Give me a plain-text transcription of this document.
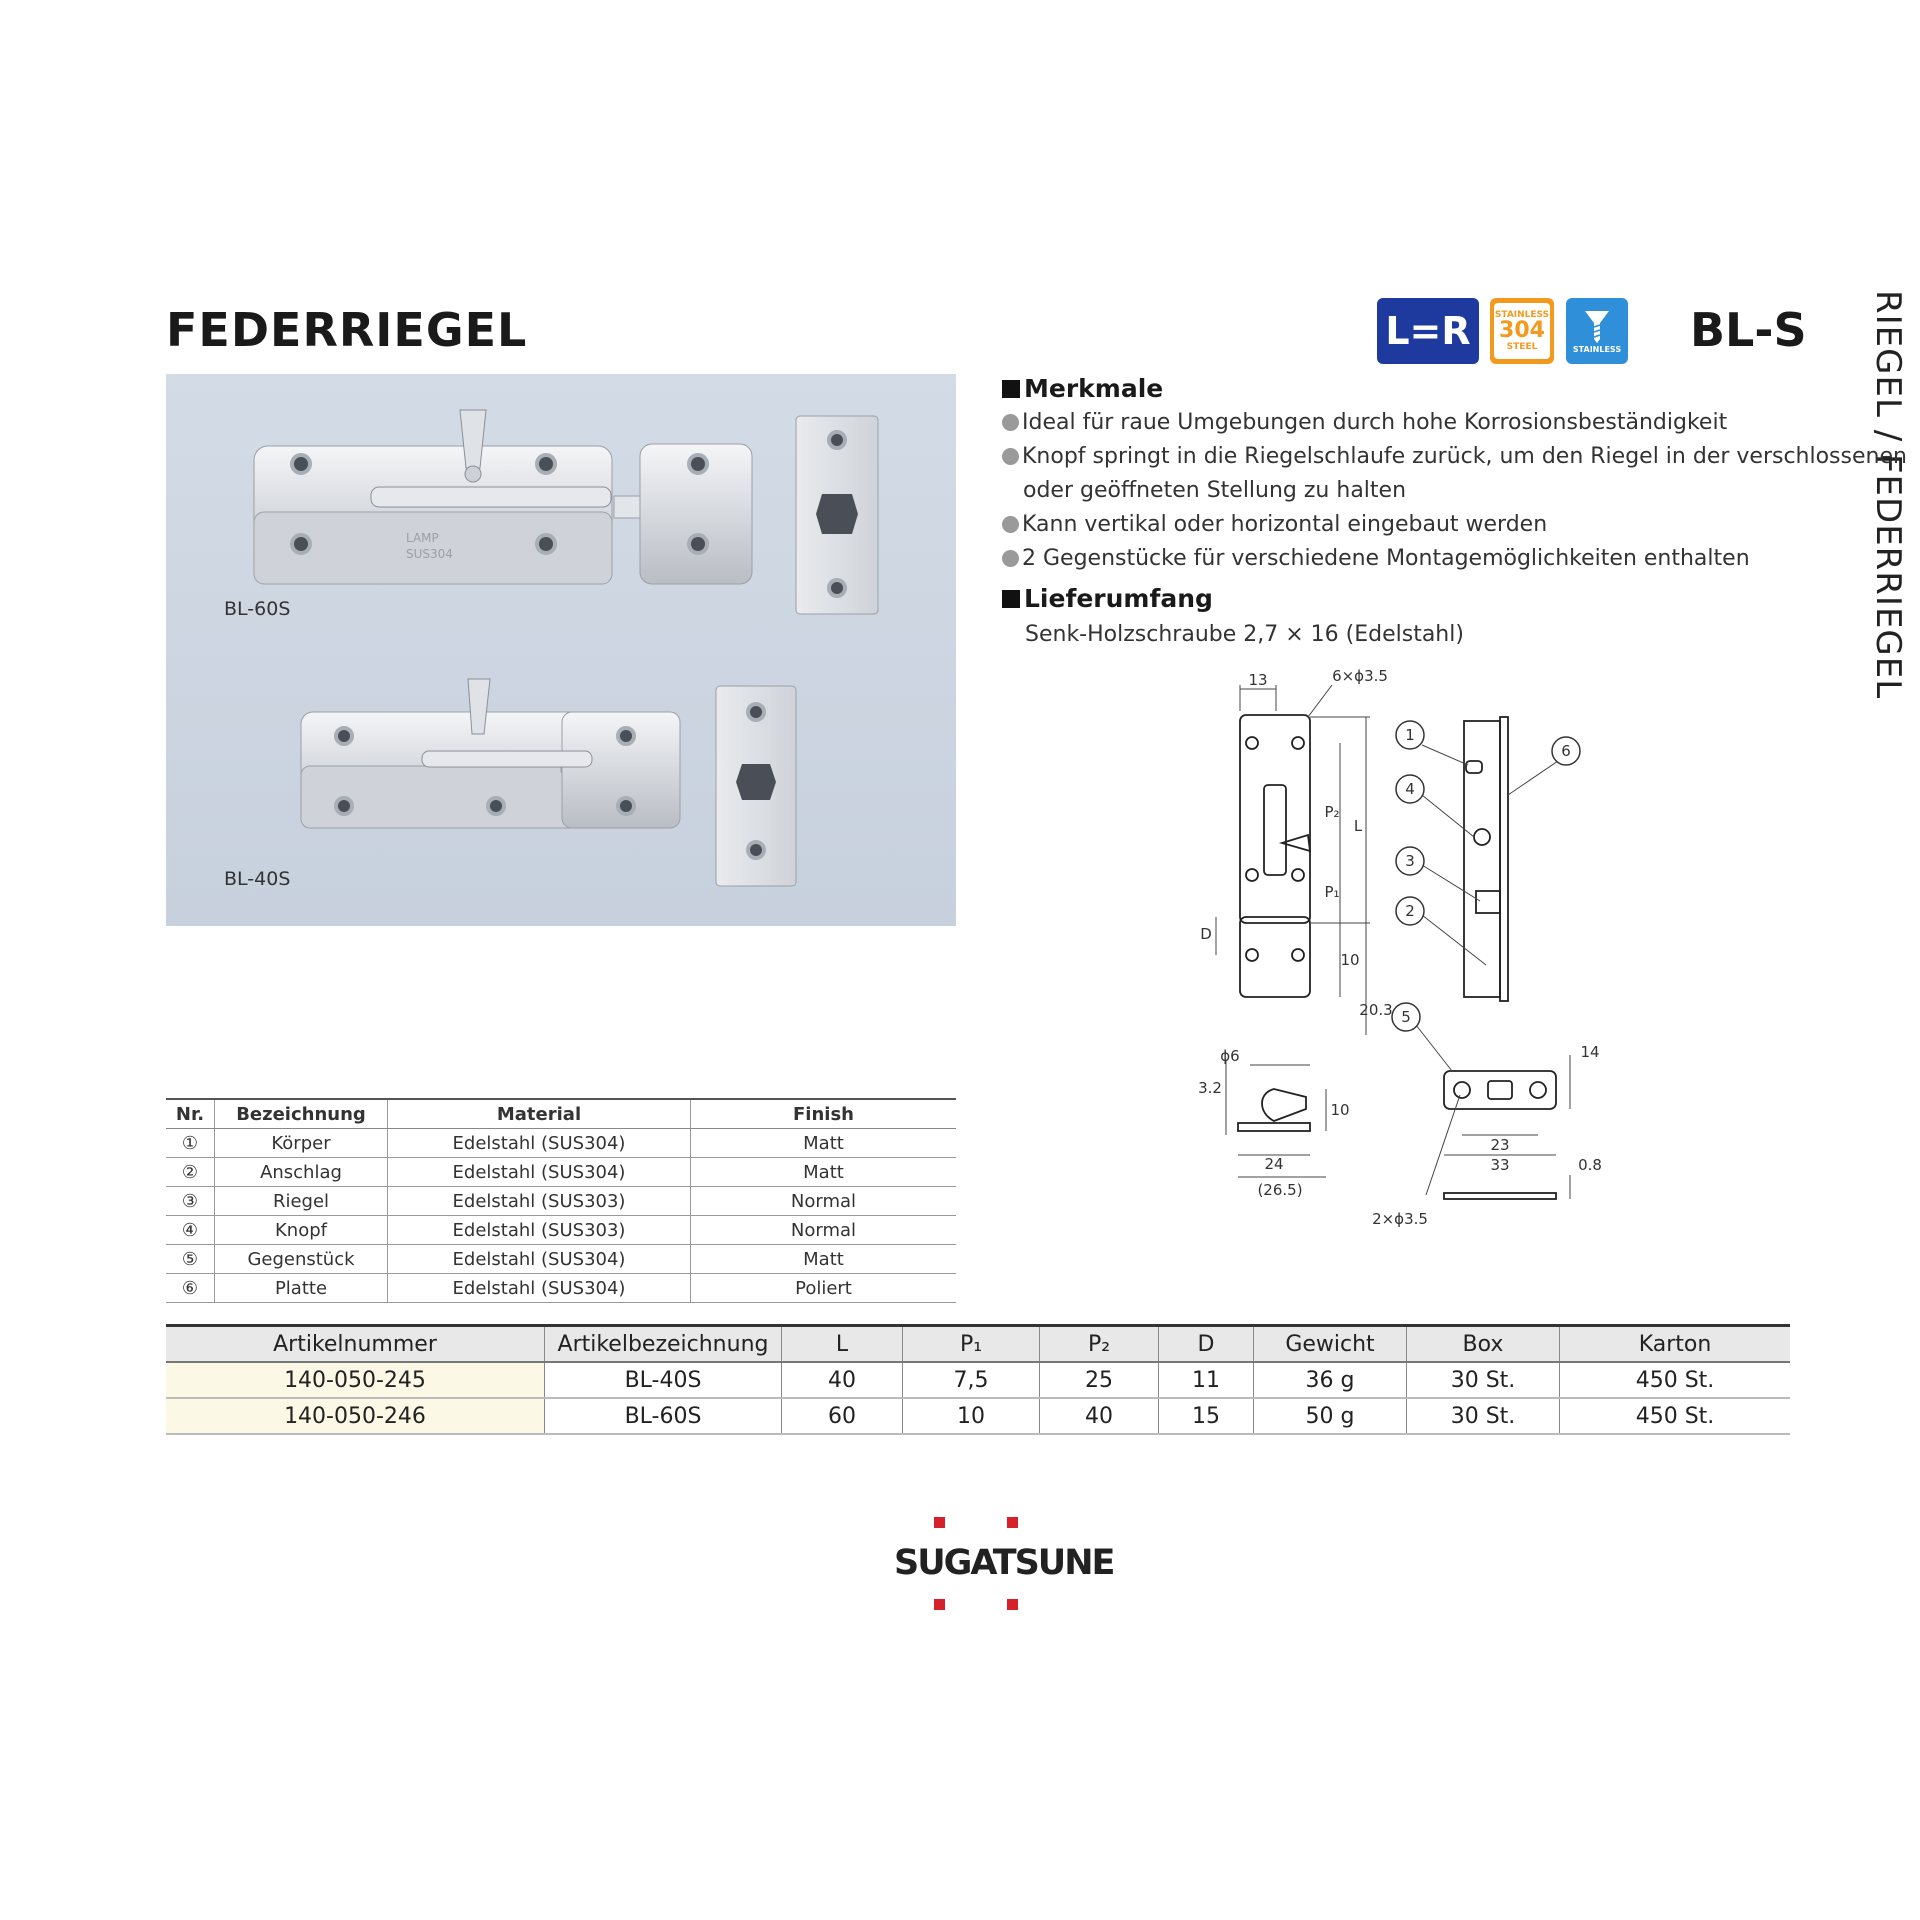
FEDERRIEGEL	BL-S RIEGEL / FEDERRIEGEL
L=R	STAINLESS
304
STEEL	STAINLESS
LAMP
SUS304
BL-60S
BL-40S
Merkmale
Ideal für raue Umgebungen durch hohe Korrosionsbeständigkeit
Knopf springt in die Riegelschlaufe zurück, um den Riegel in der verschlossenen
oder geöffneten Stellung zu halten
Kann vertikal oder horizontal eingebaut werden
2 Gegenstücke für verschiedene Montagemöglichkeiten enthalten
Lieferumfang
Senk-Holzschraube 2,7 × 16 (Edelstahl)
1
4
3
2
6
5
13	6×ϕ3.5
P₂
L
P₁
D
10
20.3
ϕ6
3.2
10
24
(26.5)
14
23
33	0.8
2×ϕ3.5
Nr.	Bezeichnung	Material	Finish
①	Körper	Edelstahl (SUS304)	Matt
②	Anschlag	Edelstahl (SUS304)	Matt
③	Riegel	Edelstahl (SUS303)	Normal
④	Knopf	Edelstahl (SUS303)	Normal
⑤	Gegenstück	Edelstahl (SUS304)	Matt
⑥	Platte	Edelstahl (SUS304)	Poliert
Artikelnummer	Artikelbezeichnung	L	P₁	P₂	D	Gewicht	Box	Karton
140-050-245	BL-40S	40	7,5	25	11	36 g	30 St.	450 St.
140-050-246	BL-60S	60	10	40	15	50 g	30 St.	450 St.
SUGATSUNE
